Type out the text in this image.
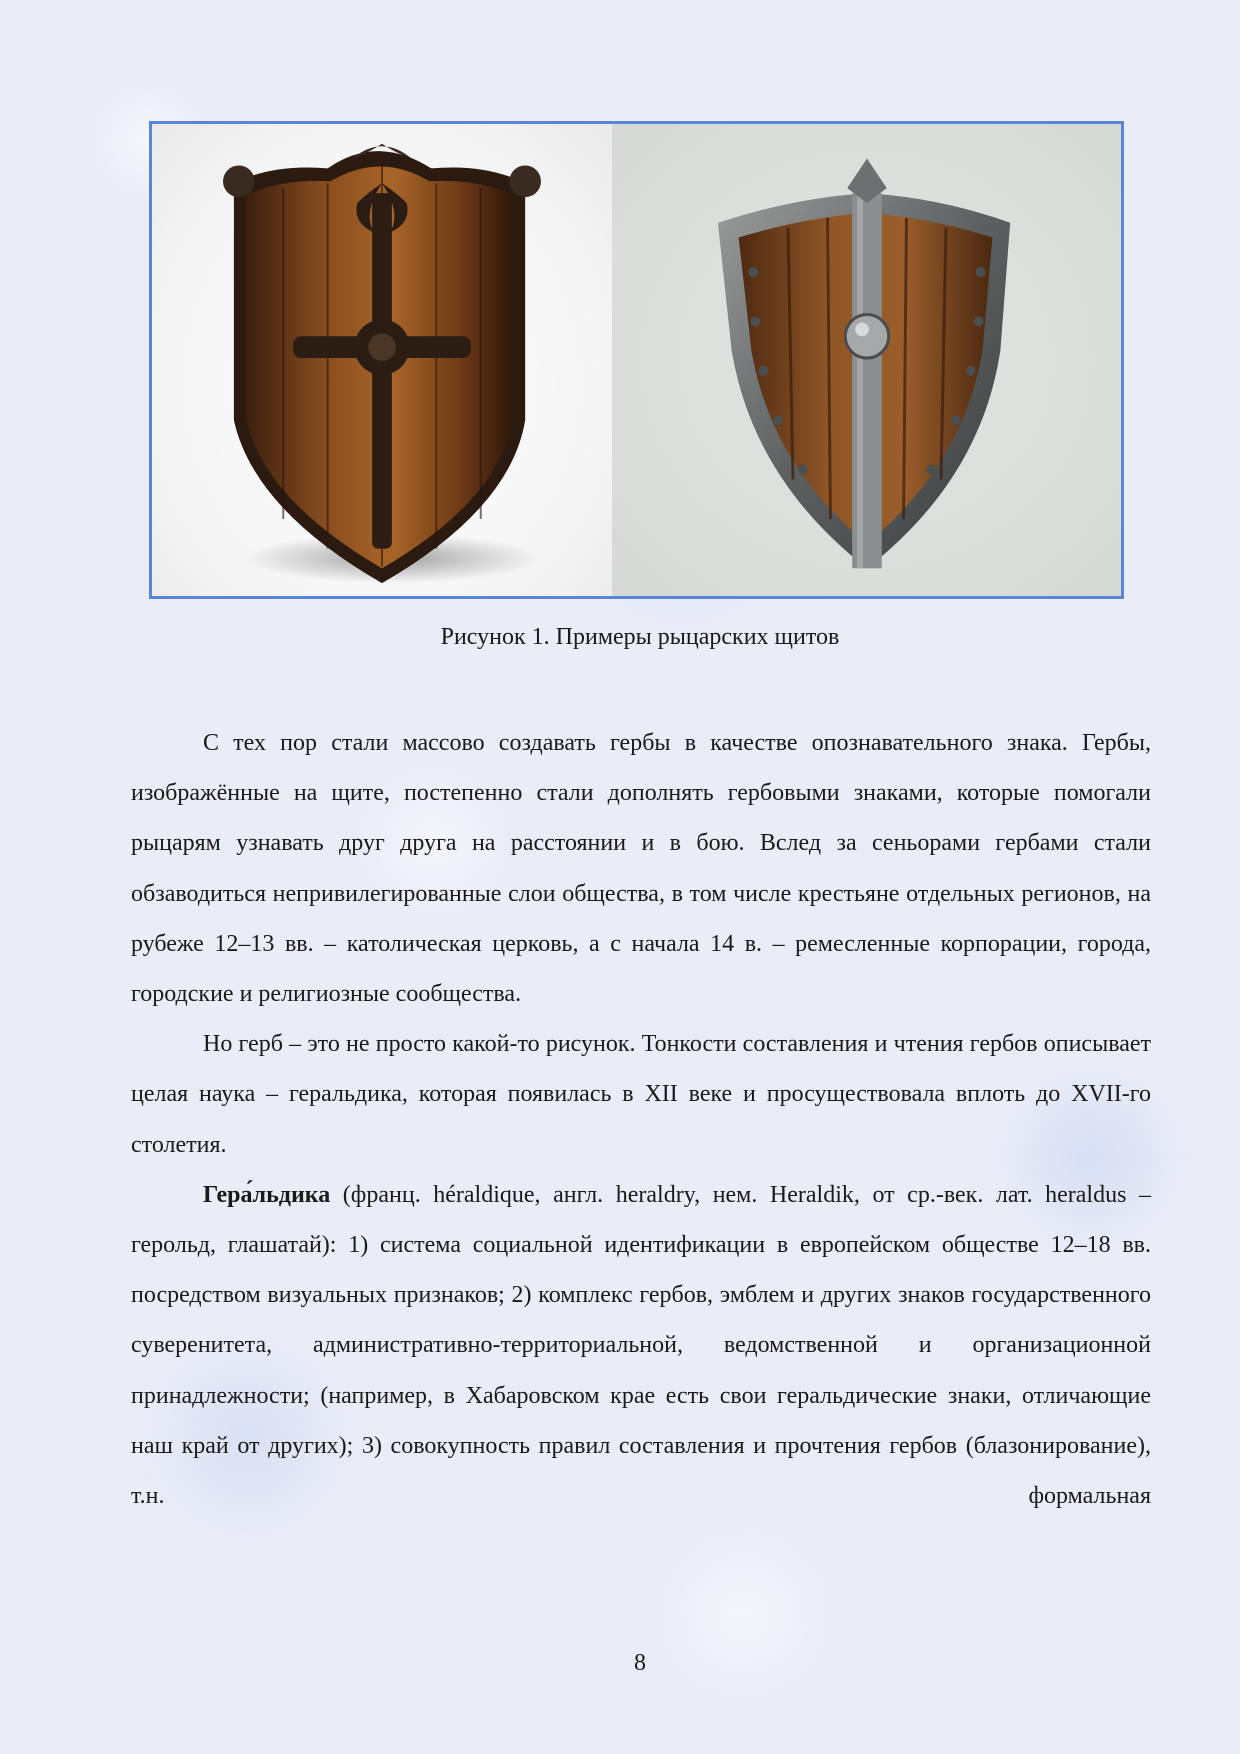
Рисунок 1. Примеры рыцарских щитов

С тех пор стали массово создавать гербы в качестве опознавательного знака. Гербы, изображённые на щите, постепенно стали дополнять гербовыми знаками, которые помогали рыцарям узнавать друг друга на расстоянии и в бою. Вслед за сеньорами гербами стали обзаводиться непривилегированные слои общества, в том числе крестьяне отдельных регионов, на рубеже 12–13 вв. – католическая церковь, а с начала 14 в. – ремесленные корпорации, города, городские и религиозные сообщества.

Но герб – это не просто какой-то рисунок. Тонкости составления и чтения гербов описывает целая наука – геральдика, которая появилась в XII веке и просуществовала вплоть до XVII-го столетия.

Гера́льдика (франц. héraldique, англ. heraldry, нем. Heraldik, от ср.-век. лат. heraldus – герольд, глашатай): 1) система социальной идентификации в европейском обществе 12–18 вв. посредством визуальных признаков; 2) комплекс гербов, эмблем и других знаков государственного суверенитета, административно-территориальной, ведомственной и организационной принадлежности; (например, в Хабаровском крае есть свои геральдические знаки, отличающие наш край от других); 3) совокупность правил составления и прочтения гербов (блазонирование), т.н. формальная

8
